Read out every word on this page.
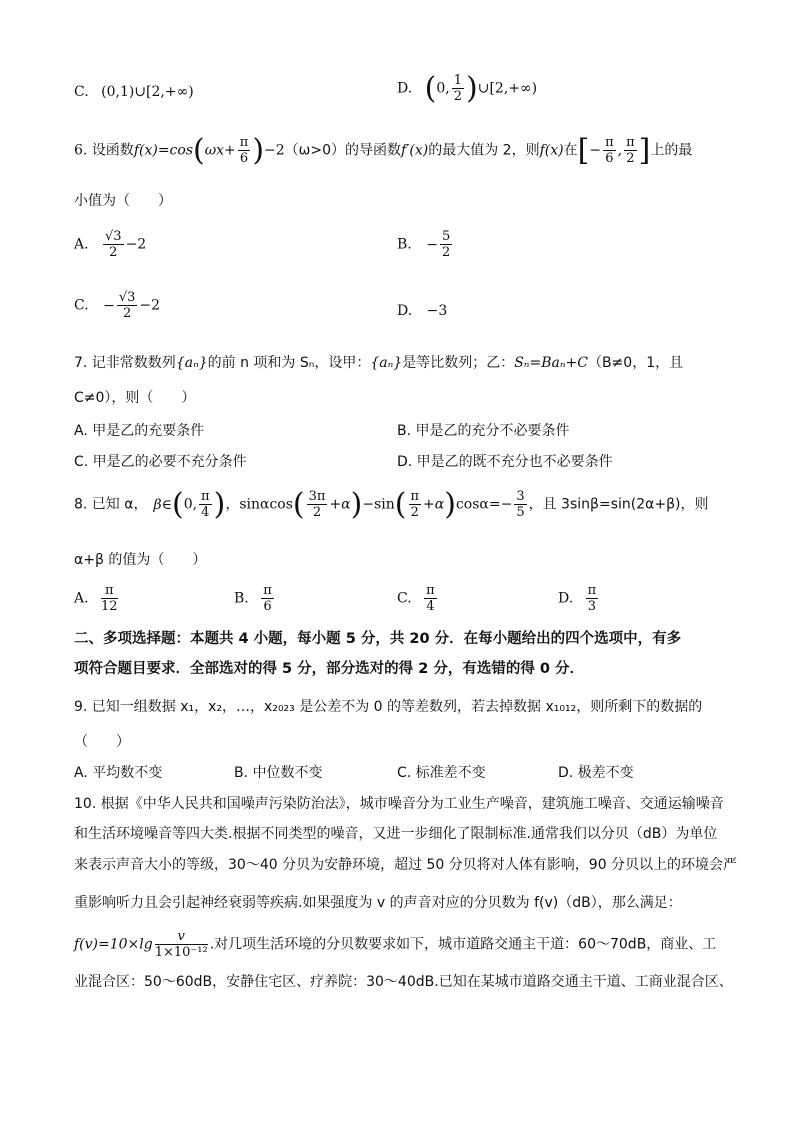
C. (0,1)∪[2,+∞)	D. (0, $\frac{1}{2}$ )∪[2,+∞)
6. 设函数$f(x)=\cos(\omega x+ \frac{\pi}{6} )-2(\omega>0)$的导函数f′(x)的最大值为 2，则f(x)在[− $\frac{\pi}{6}$ , $\frac{\pi}{2}$ ]上的最
小值为（　　）
A. $\frac{√3}{2} -2$	B. − $\frac{5}{2}$
C. − $\frac{√3}{2} -2$	D. −3
7. 记非常数数列{aₙ}的前 n 项和为 Sₙ，设甲：{aₙ}是等比数列；乙：Sₙ=Baₙ+C（B≠0，1，且
C≠0），则（　　）
A. 甲是乙的充要条件	B. 甲是乙的充分不必要条件
C. 甲是乙的必要不充分条件	D. 甲是乙的既不充分也不必要条件
8. 已知 α， β∈(0, $\frac{\pi}{4}$ )，$\sin\alpha\cos( \frac{3\pi}{2} +\alpha)-\sin( \frac{\pi}{2} +\alpha)\cos\alpha=- \frac{3}{5}$ ，且 3sinβ=sin(2α+β)，则
α+β 的值为（　　）
A. $\frac{\pi}{12}$	B. $\frac{\pi}{6}$	C. $\frac{\pi}{4}$	D. $\frac{\pi}{3}$
二、多项选择题：本题共 4 小题，每小题 5 分，共 20 分．在每小题给出的四个选项中，有多
项符合题目要求．全部选对的得 5 分，部分选对的得 2 分，有选错的得 0 分．
9. 已知一组数据 x₁，x₂，…，x₂₀₂₃ 是公差不为 0 的等差数列，若去掉数据 x₁₀₁₂，则所剩下的数据的
（　　）
A. 平均数不变	B. 中位数不变	C. 标准差不变	D. 极差不变
10. 根据《中华人民共和国噪声污染防治法》，城市噪音分为工业生产噪音，建筑施工噪音、交通运输噪音
和生活环境噪音等四大类.根据不同类型的噪音，又进一步细化了限制标准.通常我们以分贝（dB）为单位
来表示声音大小的等级，30～40 分贝为安静环境，超过 50 分贝将对人体有影响，90 分贝以上的环境会严
重影响听力且会引起神经衰弱等疾病.如果强度为 v 的声音对应的分贝数为 f(v)（dB），那么满足：
$f(v)=10\times\lg \frac{v}{\text{1×10⁻¹²}}$ .对几项生活环境的分贝数要求如下，城市道路交通主干道：60～70dB，商业、工
业混合区：50～60dB，安静住宅区、疗养院：30～40dB.已知在某城市道路交通主干道、工商业混合区、
